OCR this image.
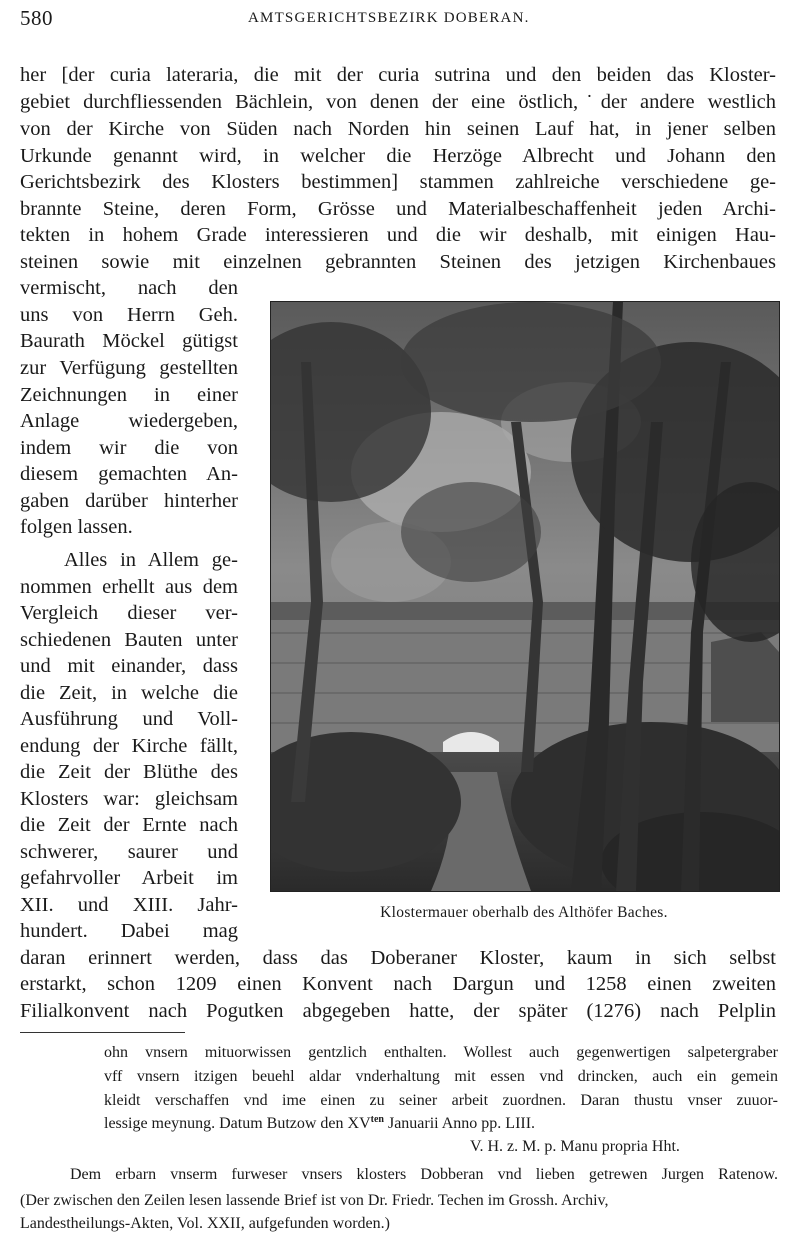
580	AMTSGERICHTSBEZIRK DOBERAN.
her [der curia lateraria, die mit der curia sutrina und den beiden das Kloster-
gebiet durchfliessenden Bächlein, von denen der eine östlich,˙der andere westlich
von der Kirche von Süden nach Norden hin seinen Lauf hat, in jener selben
Urkunde genannt wird, in welcher die Herzöge Albrecht und Johann den
Gerichtsbezirk des Klosters bestimmen] stammen zahlreiche verschiedene ge-
brannte Steine, deren Form, Grösse und Materialbeschaffenheit jeden Archi-
tekten in hohem Grade interessieren und die wir deshalb, mit einigen Hau-
steinen sowie mit einzelnen gebrannten Steinen des jetzigen Kirchenbaues
vermischt, nach den
uns von Herrn Geh.
Baurath Möckel gütigst
zur Verfügung gestellten
Zeichnungen in einer
Anlage wiedergeben,
indem wir die von
diesem gemachten An-
gaben darüber hinterher
folgen lassen.
Alles in Allem ge-
nommen erhellt aus dem
Vergleich dieser ver-
schiedenen Bauten unter
und mit einander, dass
die Zeit, in welche die
Ausführung und Voll-
endung der Kirche fällt,
die Zeit der Blüthe des
Klosters war: gleichsam
die Zeit der Ernte nach
schwerer, saurer und
gefahrvoller Arbeit im
XII. und XIII. Jahr-
hundert. Dabei mag
Klostermauer oberhalb des Althöfer Baches.
daran erinnert werden, dass das Doberaner Kloster, kaum in sich selbst
erstarkt, schon 1209 einen Konvent nach Dargun und 1258 einen zweiten
Filialkonvent nach Pogutken abgegeben hatte, der später (1276) nach Pelplin
ohn vnsern mituorwissen gentzlich enthalten. Wollest auch gegenwertigen salpetergraber
vff vnsern itzigen beuehl aldar vnderhaltung mit essen vnd drincken, auch ein gemein
kleidt verschaffen vnd ime einen zu seiner arbeit zuordnen. Daran thustu vnser zuuor-
lessige meynung. Datum Butzow den $XV^{ten}$ Januarii Anno pp. LIII.
V. H. z. M. p. Manu propria Hht.
Dem erbarn vnserm furweser vnsers klosters Dobberan vnd lieben getrewen Jurgen Ratenow.
(Der zwischen den Zeilen lesen lassende Brief ist von Dr. Friedr. Techen im Grossh. Archiv,
Landestheilungs-Akten, Vol. XXII, aufgefunden worden.)
